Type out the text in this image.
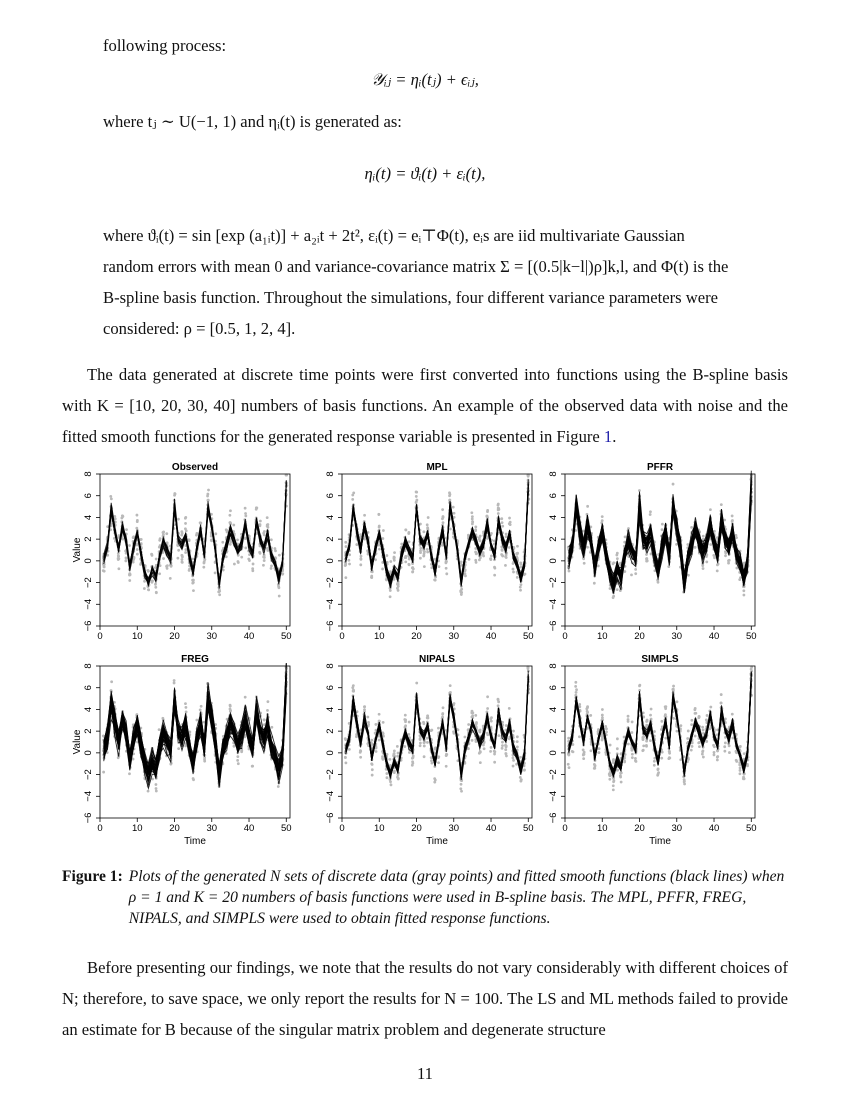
following process:
𝒴ᵢⱼ = ηᵢ(tⱼ) + ϵᵢⱼ,
where tⱼ ∼ U(−1, 1) and ηᵢ(t) is generated as:
ηᵢ(t) = ϑᵢ(t) + εᵢ(t),
where ϑᵢ(t) = sin [exp (a₁ᵢt)] + a₂ᵢt + 2t², εᵢ(t) = eᵢ⊤Φ(t), eᵢs are iid multivariate Gaussian
random errors with mean 0 and variance-covariance matrix Σ = [(0.5|k−l|)ρ]k,l, and Φ(t) is the
B-spline basis function. Throughout the simulations, four different variance parameters were
considered: ρ = [0.5, 1, 2, 4].
The data generated at discrete time points were first converted into functions using the B-spline basis with K = [10, 20, 30, 40] numbers of basis functions. An example of the observed data with noise and the fitted smooth functions for the generated response variable is presented in Figure 1.
Observed
0	10	20	30	40	50
−6
−4
−2
0
2
4
6
8
Value
MPL
0	10	20	30	40	50
−6
−4
−2
0
2
4
6
8
PFFR
0	10	20	30	40	50
−6
−4
−2
0
2
4
6
8
FREG
0	10	20	30	40	50
−6
−4
−2
0
2
4
6
8
Value
Time
NIPALS
0	10	20	30	40	50
−6
−4
−2
0
2
4
6
8
Time
SIMPLS
0	10	20	30	40	50
−6
−4
−2
0
2
4
6
8
Time
Figure 1: Plots of the generated N sets of discrete data (gray points) and fitted smooth functions (black lines) when ρ = 1 and K = 20 numbers of basis functions were used in B-spline basis. The MPL, PFFR, FREG, NIPALS, and SIMPLS were used to obtain fitted response functions.
Before presenting our findings, we note that the results do not vary considerably with different choices of N; therefore, to save space, we only report the results for N = 100. The LS and ML methods failed to provide an estimate for B because of the singular matrix problem and degenerate structure
11
